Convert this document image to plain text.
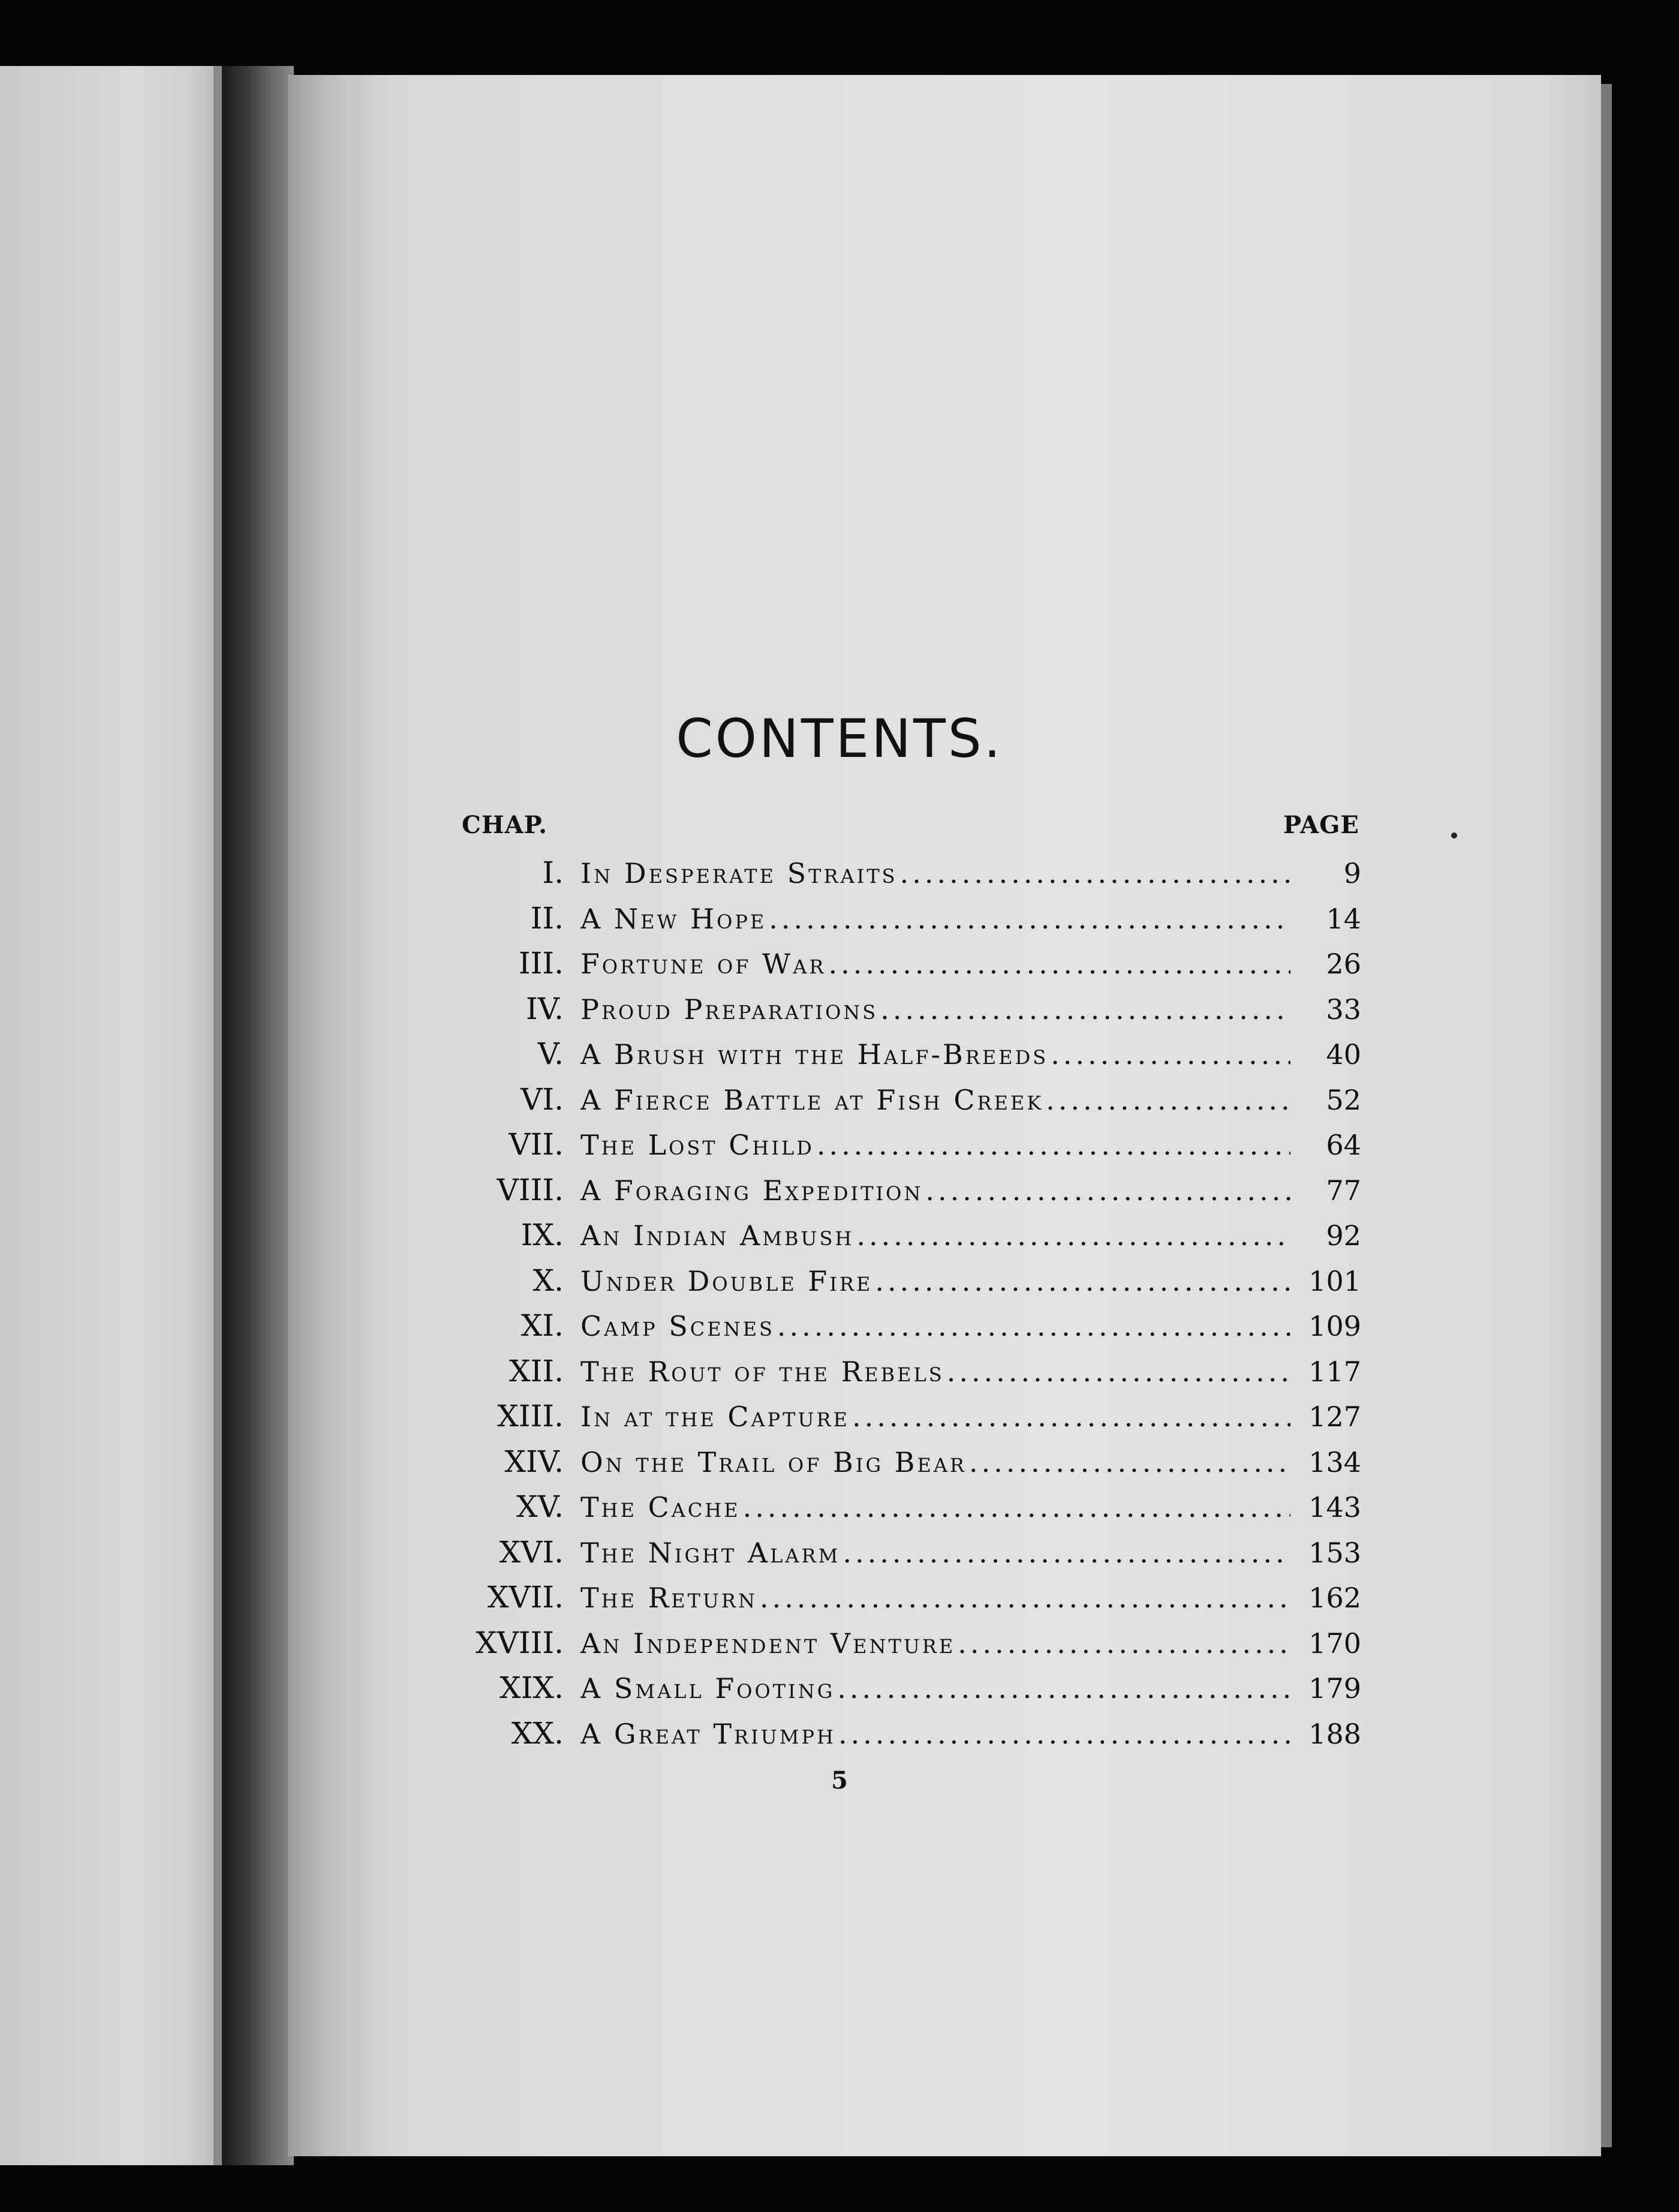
CONTENTS.
CHAP.	PAGE
I. In Desperate Straits .....	9
II. A New Hope .....	14
III. Fortune of War .....	26
IV. Proud Preparations .....	33
V. A Brush with the Half-Breeds .....	40
VI. A Fierce Battle at Fish Creek .....	52
VII. The Lost Child .....	64
VIII. A Foraging Expedition .....	77
IX. An Indian Ambush .....	92
X. Under Double Fire .....	101
XI. Camp Scenes .....	109
XII. The Rout of the Rebels .....	117
XIII. In at the Capture .....	127
XIV. On the Trail of Big Bear .....	134
XV. The Cache .....	143
XVI. The Night Alarm .....	153
XVII. The Return .....	162
XVIII. An Independent Venture .....	170
XIX. A Small Footing .....	179
XX. A Great Triumph .....	188
5
